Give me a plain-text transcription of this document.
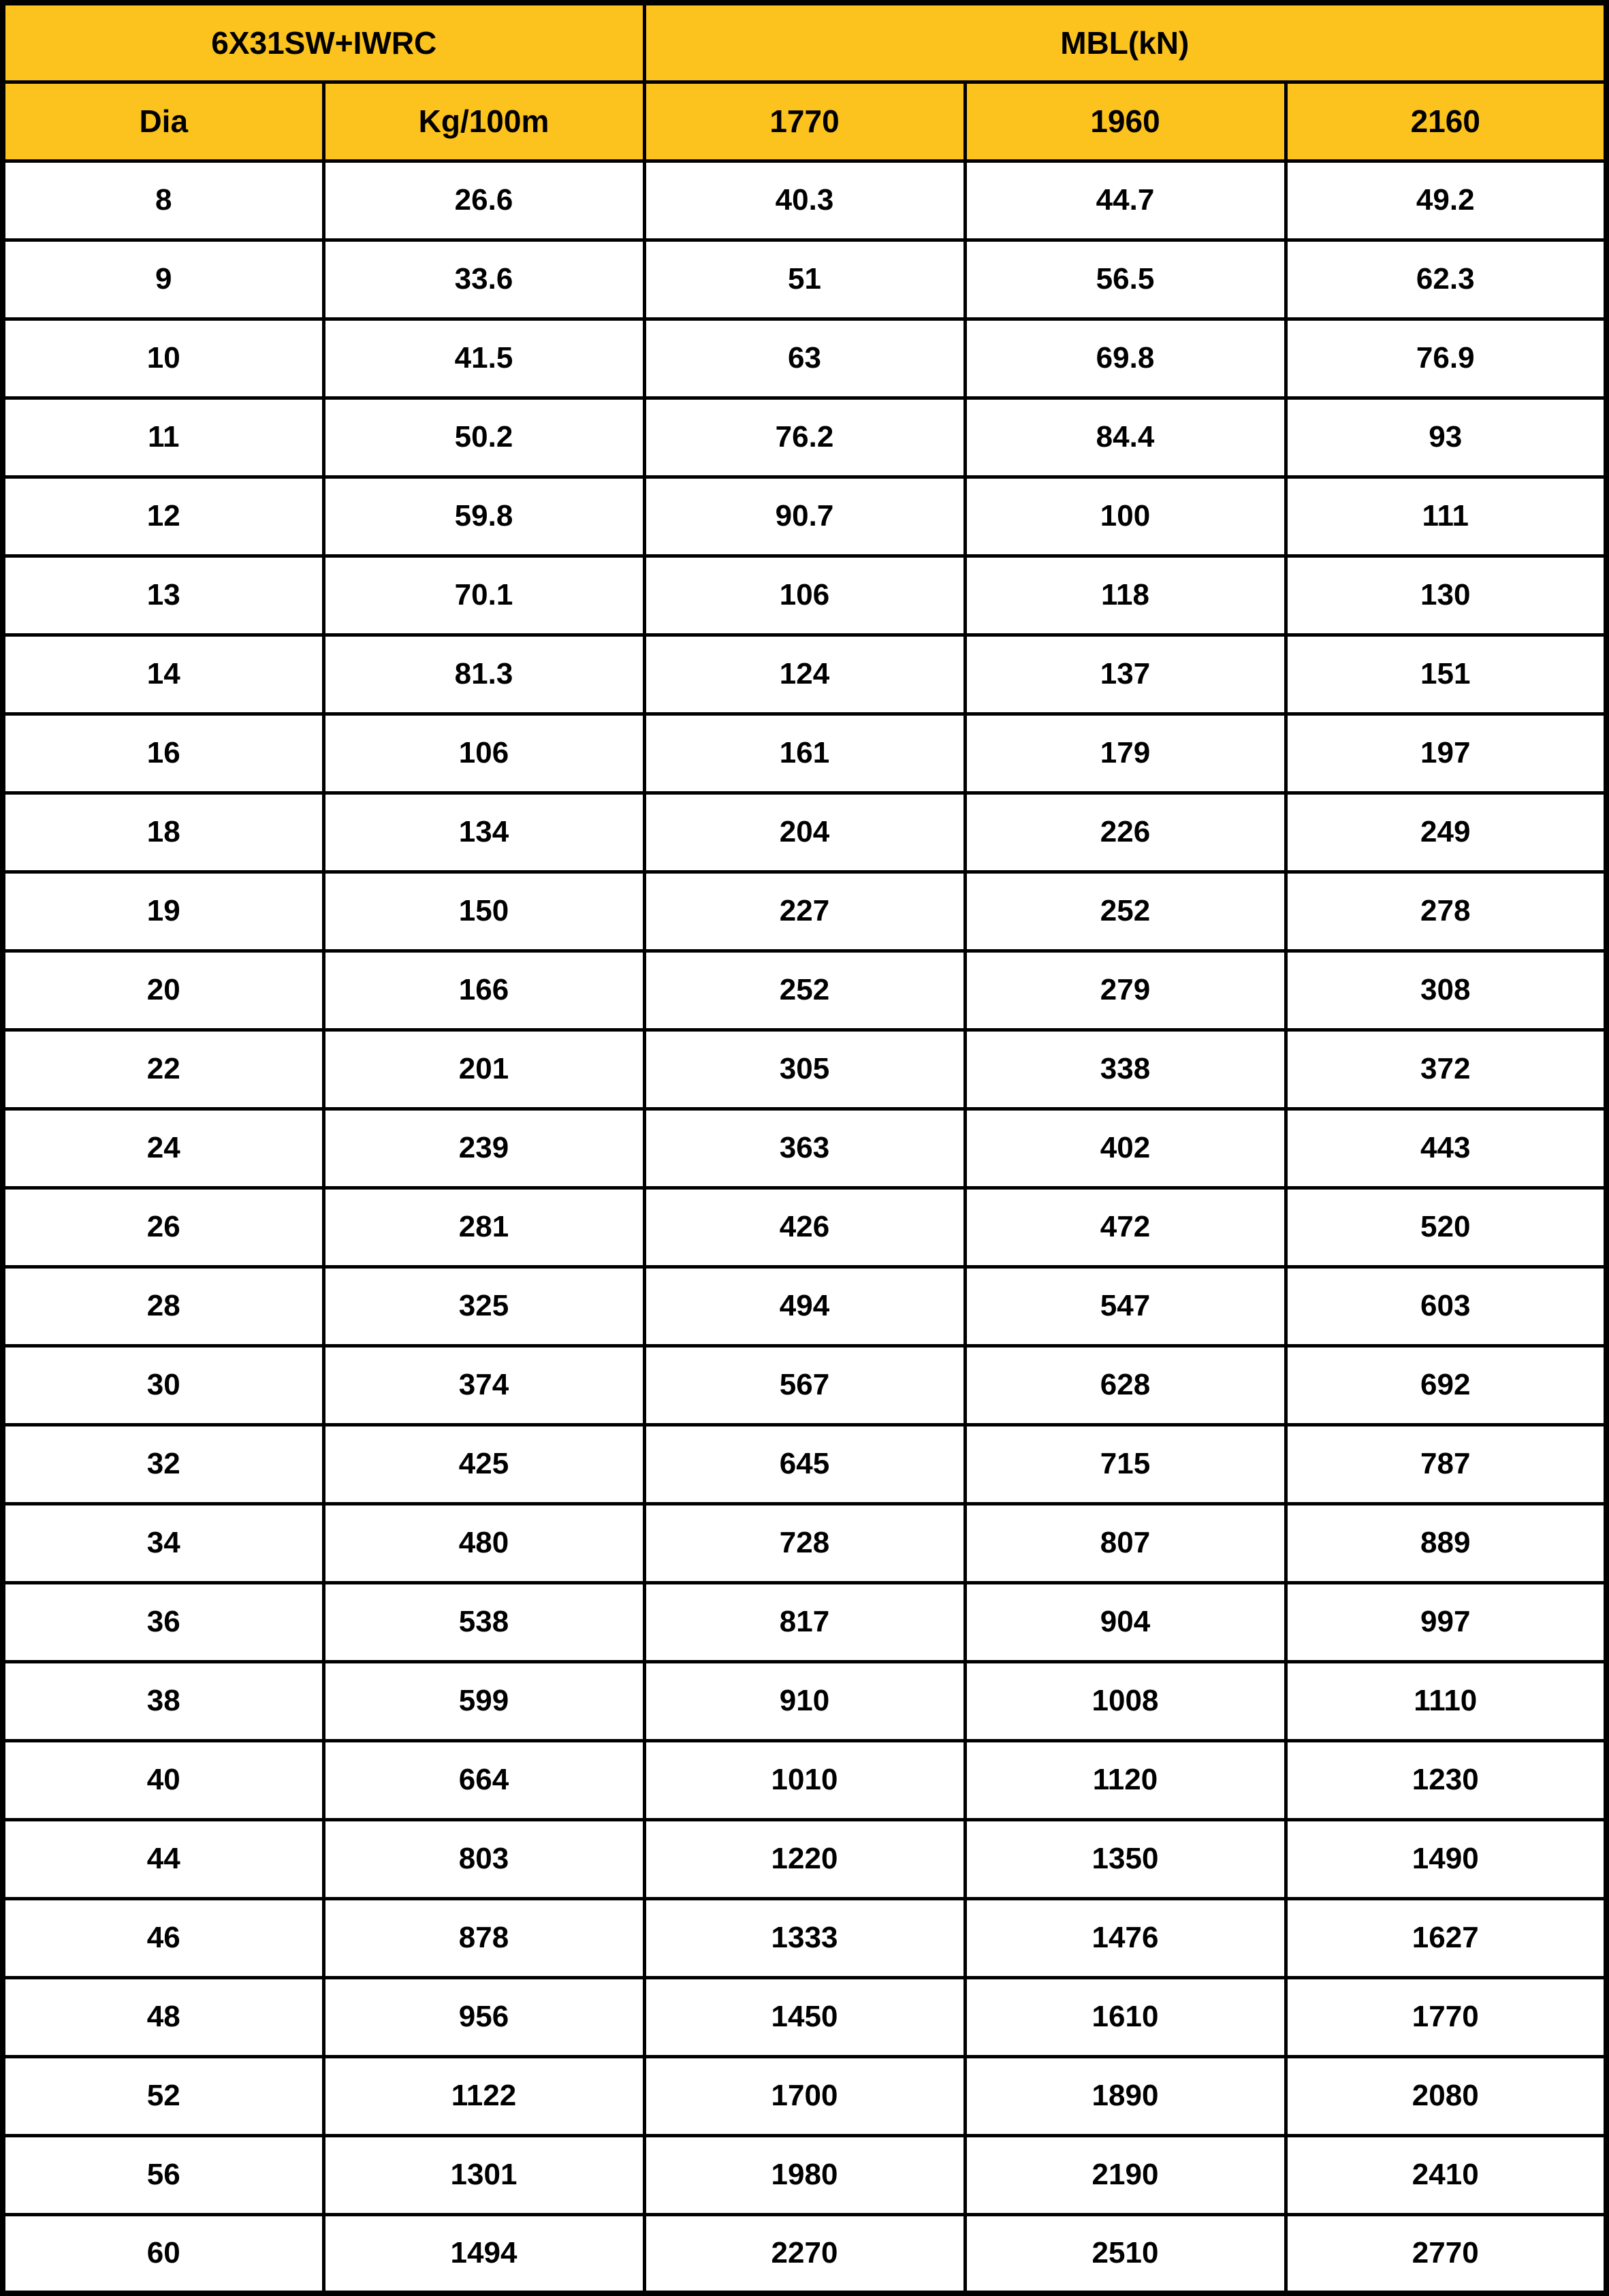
6X31SW+IWRC		MBL(kN)		
Dia	Kg/100m	1770	1960	2160
8	26.6	40.3	44.7	49.2
9	33.6	51	56.5	62.3
10	41.5	63	69.8	76.9
11	50.2	76.2	84.4	93
12	59.8	90.7	100	111
13	70.1	106	118	130
14	81.3	124	137	151
16	106	161	179	197
18	134	204	226	249
19	150	227	252	278
20	166	252	279	308
22	201	305	338	372
24	239	363	402	443
26	281	426	472	520
28	325	494	547	603
30	374	567	628	692
32	425	645	715	787
34	480	728	807	889
36	538	817	904	997
38	599	910	1008	1110
40	664	1010	1120	1230
44	803	1220	1350	1490
46	878	1333	1476	1627
48	956	1450	1610	1770
52	1122	1700	1890	2080
56	1301	1980	2190	2410
60	1494	2270	2510	2770
